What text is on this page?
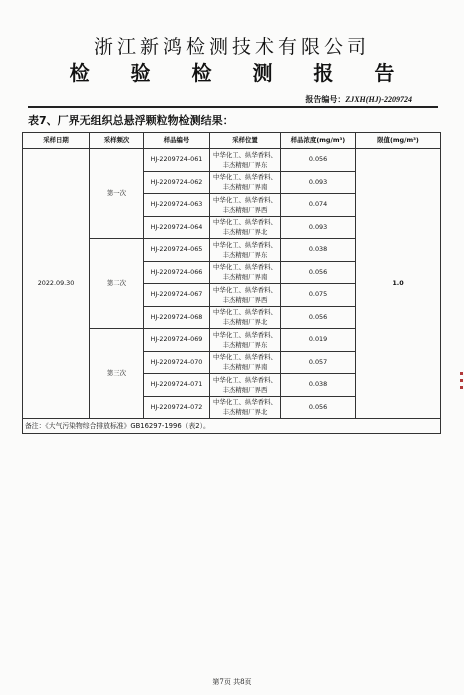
浙江新鸿检测技术有限公司
检 验 检 测 报 告
报告编号：ZJXH(HJ)-2209724
表7、厂界无组织总悬浮颗粒物检测结果：
采样日期	采样频次	样品编号	采样位置	样品浓度(mg/m³)	限值(mg/m³)
2022.09.30	第一次	HJ-2209724-061	中华化工、纵华香料、
丰杰精细厂界东	0.056	1.0
		HJ-2209724-062	中华化工、纵华香料、
丰杰精细厂界南	0.093	
		HJ-2209724-063	中华化工、纵华香料、
丰杰精细厂界西	0.074	
		HJ-2209724-064	中华化工、纵华香料、
丰杰精细厂界北	0.093	
	第二次	HJ-2209724-065	中华化工、纵华香料、
丰杰精细厂界东	0.038	
		HJ-2209724-066	中华化工、纵华香料、
丰杰精细厂界南	0.056	
		HJ-2209724-067	中华化工、纵华香料、
丰杰精细厂界西	0.075	
		HJ-2209724-068	中华化工、纵华香料、
丰杰精细厂界北	0.056	
	第三次	HJ-2209724-069	中华化工、纵华香料、
丰杰精细厂界东	0.019	
		HJ-2209724-070	中华化工、纵华香料、
丰杰精细厂界南	0.057	
		HJ-2209724-071	中华化工、纵华香料、
丰杰精细厂界西	0.038	
		HJ-2209724-072	中华化工、纵华香料、
丰杰精细厂界北	0.056	
备注：《大气污染物综合排放标准》GB16297-1996（表2）。					
第7页 共8页
